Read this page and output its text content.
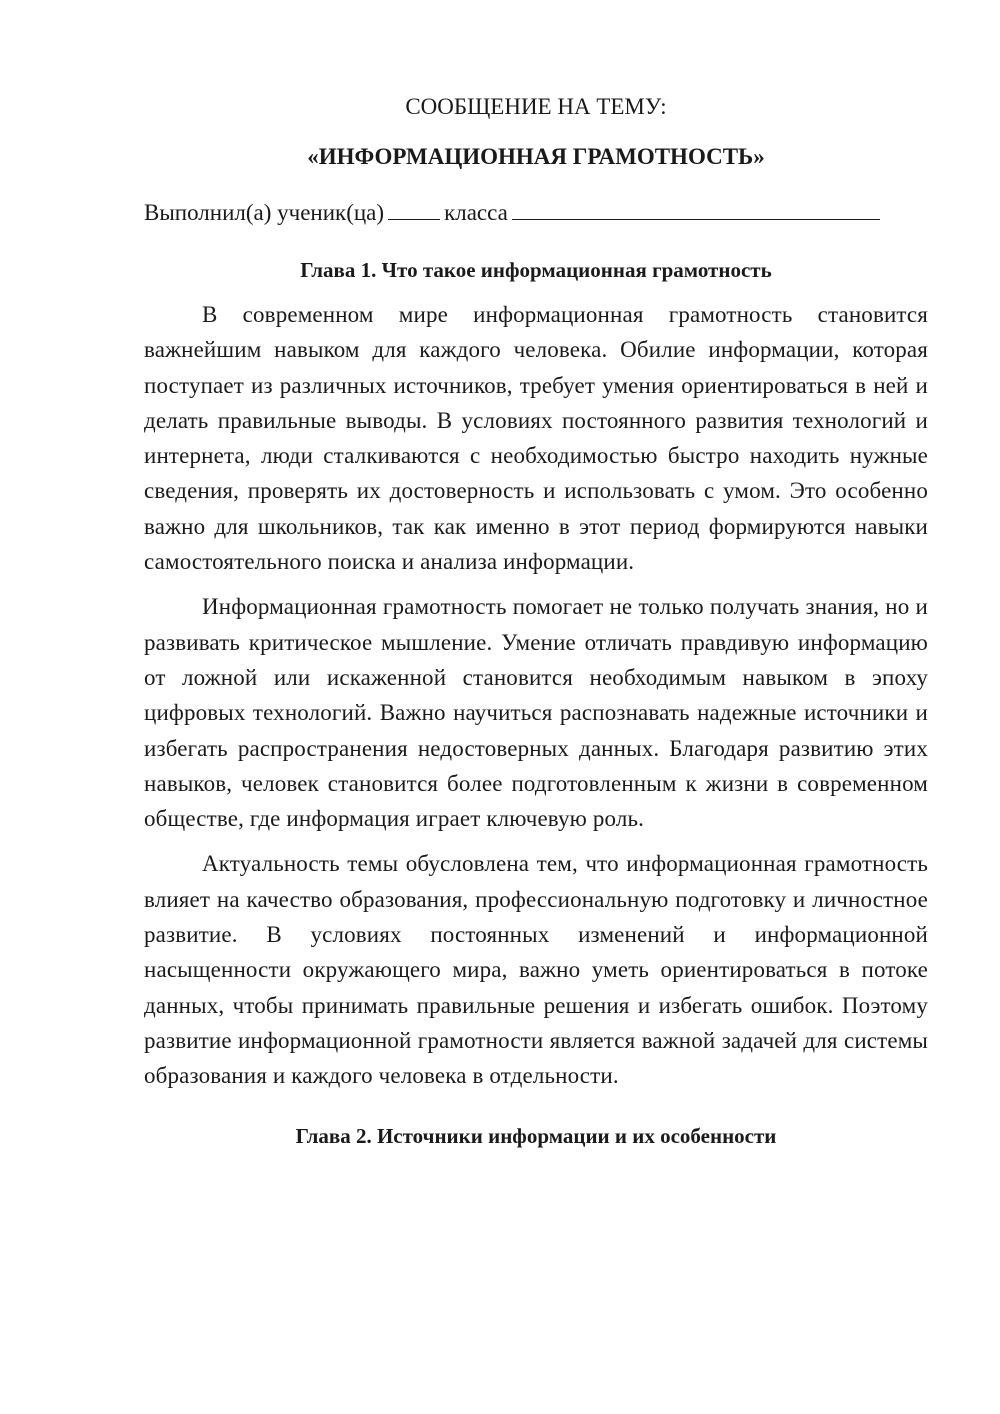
СООБЩЕНИЕ НА ТЕМУ:

«ИНФОРМАЦИОННАЯ ГРАМОТНОСТЬ»

Выполнил(а) ученик(ца)	класса

Глава 1. Что такое информационная грамотность

В современном мире информационная грамотность становится важнейшим навыком для каждого человека. Обилие информации, которая поступает из различных источников, требует умения ориентироваться в ней и делать правильные выводы. В условиях постоянного развития технологий и интернета, люди сталкиваются с необходимостью быстро находить нужные сведения, проверять их достоверность и использовать с умом. Это особенно важно для школьников, так как именно в этот период формируются навыки самостоятельного поиска и анализа информации.

Информационная грамотность помогает не только получать знания, но и развивать критическое мышление. Умение отличать правдивую информацию от ложной или искаженной становится необходимым навыком в эпоху цифровых технологий. Важно научиться распознавать надежные источники и избегать распространения недостоверных данных. Благодаря развитию этих навыков, человек становится более подготовленным к жизни в современном обществе, где информация играет ключевую роль.

Актуальность темы обусловлена тем, что информационная грамотность влияет на качество образования, профессиональную подготовку и личностное развитие. В условиях постоянных изменений и информационной насыщенности окружающего мира, важно уметь ориентироваться в потоке данных, чтобы принимать правильные решения и избегать ошибок. Поэтому развитие информационной грамотности является важной задачей для системы образования и каждого человека в отдельности.

Глава 2. Источники информации и их особенности
